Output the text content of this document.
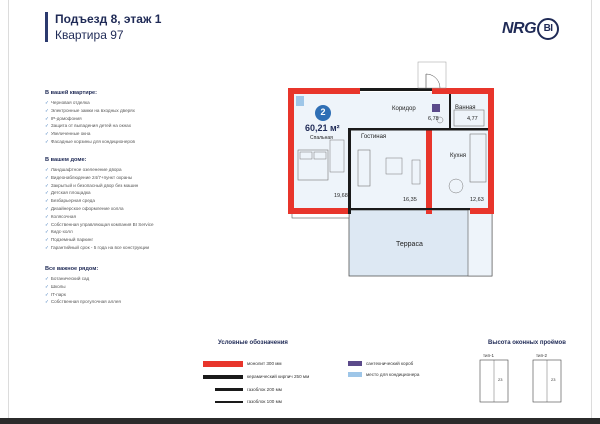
Подъезд 8, этаж 1
Квартира 97	NRG BI
В вашей квартире:
✓ Черновая отделка
✓ Электронные замки на входных дверях
✓ IP-домофония
✓ Защита от выпадения детей на окнах
✓ Увеличенные окна
✓ Фасадные корзины для кондиционеров
В вашем доме:
✓ Ландшафтное озеленение двора
✓ Видеонаблюдение 24/7+пункт охраны
✓ Закрытый и безопасный двор без машин
✓ Детская площадка
✓ Безбарьерная среда
✓ Дизайнерское оформление холла
✓ Колясочная
✓ Собственная управляющая компания BI Service
✓ Кидс-холл
✓ Подземный паркинг
✓ Гарантийный срок - 5 года на все конструкции
Все важное рядом:
✓ Ботанический сад
✓ Школы
✓ IT-парк
✓ Собственная прогулочная аллея
2
60,21 м²
Спальная
Коридор
Гостиная
Ванная
Кухня
Терраса
19,68
16,35	12,63
6,78	4,77
Условные обозначения
монолит 300 мм
керамический кирпич 250 мм
газоблок 200 мм
газоблок 100 мм
сантехнический короб
место для кондиционера
Высота оконных проёмов
тип-1	тип-2
23	23
